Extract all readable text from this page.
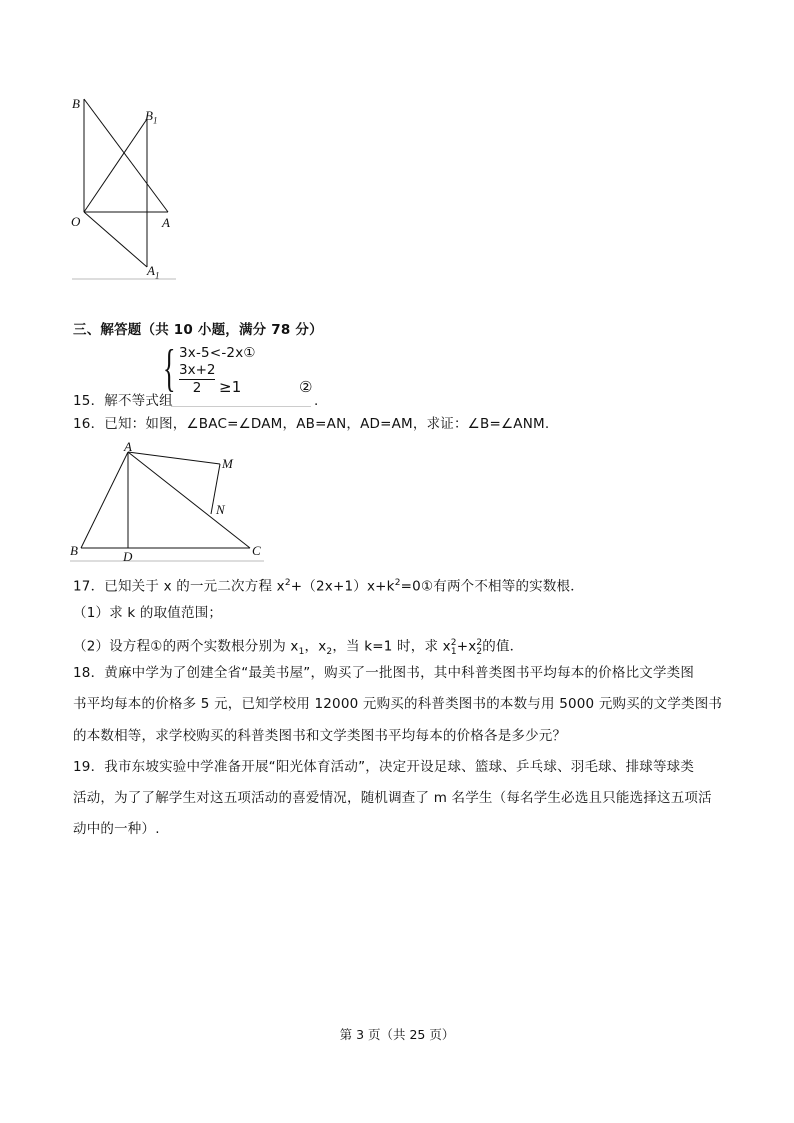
B
$B_1$
O	A
$A_1$
三、解答题（共 10 小题，满分 78 分）
{ 3x-5<-2x①
3x+2
2	≥1	②
15．解不等式组	.
16．已知：如图，∠BAC=∠DAM，AB=AN，AD=AM，求证：∠B=∠ANM.
A
M
N
B	D	C
17．已知关于 x 的一元二次方程 $x^2+(2x+1)x+k^2=0①$有两个不相等的实数根．
（1）求 k 的取值范围；
（2）设方程①的两个实数根分别为 $x_1$，$x_2$，当 k=1 时，求 $x_1^2+x_2^2$的值．
18．黄麻中学为了创建全省“最美书屋”，购买了一批图书，其中科普类图书平均每本的价格比文学类图
书平均每本的价格多 5 元，已知学校用 12000 元购买的科普类图书的本数与用 5000 元购买的文学类图书
的本数相等，求学校购买的科普类图书和文学类图书平均每本的价格各是多少元？
19．我市东坡实验中学准备开展“阳光体育活动”，决定开设足球、篮球、乒乓球、羽毛球、排球等球类
活动，为了了解学生对这五项活动的喜爱情况，随机调查了 m 名学生（每名学生必选且只能选择这五项活
动中的一种）.
第 3 页（共 25 页）
